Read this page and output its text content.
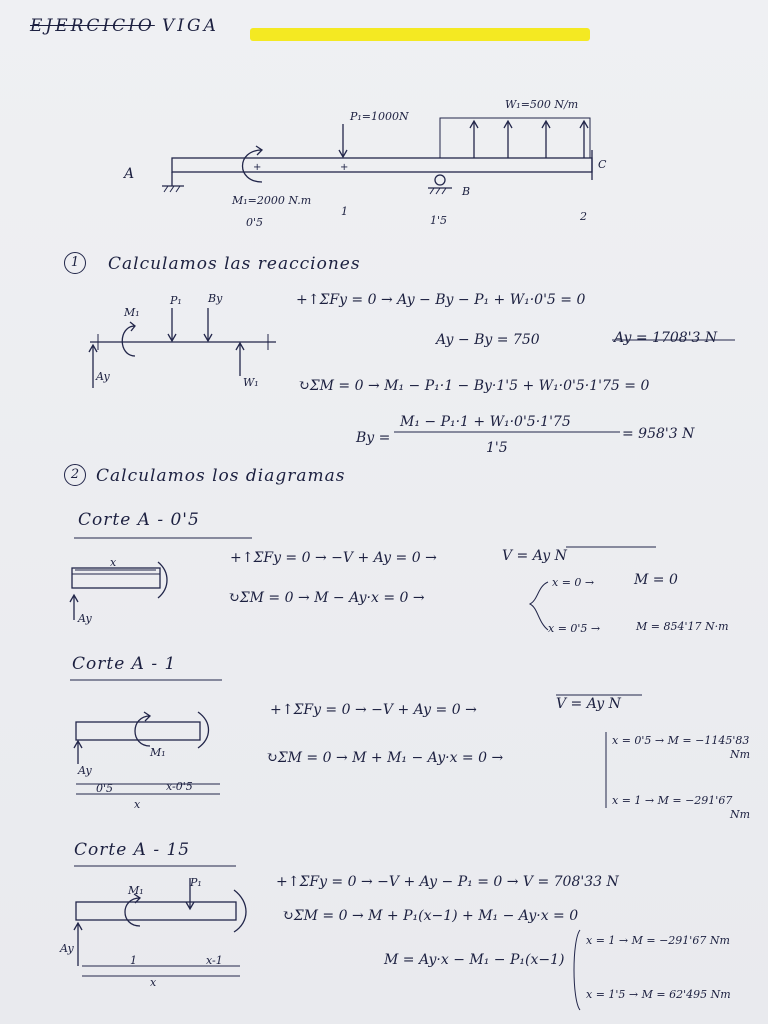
EJERCICIO VIGA
+	+
A
B
C
P₁=1000N
W₁=500 N/m
M₁=2000 N.m
0'5
1
1'5	2
1	Calculamos las reacciones
M₁
P₁ By
Ay	W₁
+↑ΣFy = 0 → Ay − By − P₁ + W₁·0'5 = 0
Ay − By = 750	Ay = 1708'3 N
↻ΣM = 0 → M₁ − P₁·1 − By·1'5 + W₁·0'5·1'75 = 0
By =
M₁ − P₁·1 + W₁·0'5·1'75
1'5
= 958'3 N
2 Calculamos los diagramas
Corte A - 0'5
x
Ay
+↑ΣFy = 0 → −V + Ay = 0 →	V = Ay N
↻ΣM = 0 → M − Ay·x = 0 →
x = 0 →	M = 0
x = 0'5 →	M = 854'17 N·m
Corte A - 1
M₁
Ay
0'5	x-0'5
x
+↑ΣFy = 0 → −V + Ay = 0 →	V = Ay N
↻ΣM = 0 → M + M₁ − Ay·x = 0 →
x = 0'5 → M = −1145'83
Nm
x = 1 → M = −291'67
Nm
Corte A - 15
M₁
P₁
Ay
1	x-1
x
+↑ΣFy = 0 → −V + Ay − P₁ = 0 → V = 708'33 N
↻ΣM = 0 → M + P₁(x−1) + M₁ − Ay·x = 0
M = Ay·x − M₁ − P₁(x−1)
x = 1 → M = −291'67 Nm
x = 1'5 → M = 62'495 Nm
